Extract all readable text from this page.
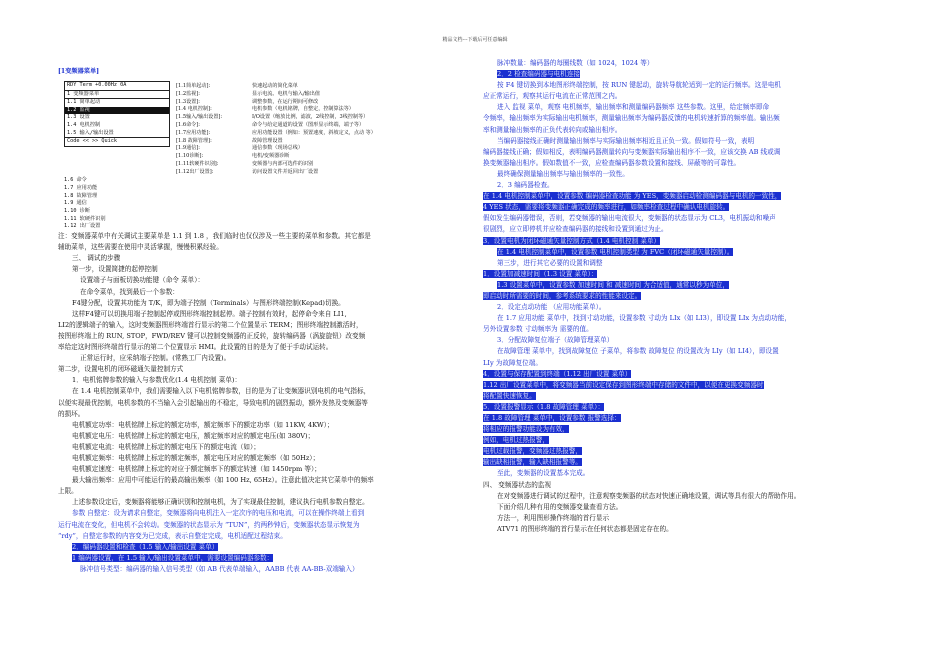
精品文档---下载后可任意编辑

[1变频器菜单]

RDY Term +0.00Hz 0A
1 变频器菜单
1.1 简单起动
1.2 监视
1.3 设置
1.4 电机控制
1.5 输入/输出设置
Code << >> Quick
1.6 命令
1.7 应用功能
1.8 故障管理
1.9 通信
1.10 诊断
1.11 软硬件识别
1.12 出厂设置
[1.1简单起动]:	快速起动的简化菜单
[1.2监视]:	显示电流、电机与输入/输出值
[1.3设置]:	调整参数，在运行期间可修改
[1.4 电机控制]:	电机参数（电机铭牌，自整定，控制算法等）
[1.5输入/输出设置]:	I/O设置（缩放比例，滤波，2线控制，3线控制等）
[1.6命令]:	命令与给定通道的设置（图形显示终端，端子等）
[1.7应用功能]:	应用功能设置（例如：预置速度，斜坡定义，点动 等）
[1.8 故障管理]:	故障管理设置
[1.9通信]:	通信参数（现场总线）
[1.10诊断]:	电机/变频器诊断
[1.11软硬件识别]:	变频器与内部可选件的识别
[1.12出厂设置]:	访问设置文件并返回出厂设置

注：变频器菜单中有关调试主要菜单是 1.1 到 1.8 ，我们临时也仅仅涉及一些主要的菜单和参数。其它都是

辅助菜单，这些需要在使用中灵活掌握，慢慢积累经验。

三、 调试的步骤

第一步，设置简捷的起停控制

设置端子与面板切换功能键（命令 菜单）：

在命令菜单，找到最后一个参数：

F4键分配，设置其功能为 T/K，即为端子控制（Terminals）与图形终端控制(Kepad)切换。

这样F4键可以切换用端子控制起停或图形终端控制起停。端子控制有效时，起停命令来自 LI1,

LI2的逻辑端子的输入，这时变频器图形终端首行显示的第二个位置显示 TERM；图形终端控制激活时，

按图形终端上的 RUN, STOP，FWD/REV 键可以控制变频器的正反转，旋转编码器（涡旋旋钮）改变频

率给定这时图形终端首行显示的第二个位置显示 HMI。此设置的目的是为了便于手动试运转。

正常运行时，应采纳端子控制。(常熟工厂内设置)。

第二步，设置电机的闭环磁通矢量控制方式

1．电机铭牌参数的输入与参数优化(1.4 电机控制 菜单)：

在 1.4 电机控制菜单中，我们需要输入以下电机铭牌参数，目的是为了让变频器识别电机的电气指标，

以便实现最优控制，电机参数的不当输入会引起输出的不稳定，导致电机的剧烈振动，额外发热及变频器等

的损坏。

电机额定功率：电机铭牌上标定的额定功率，额定频率下的额定功率（如 11KW, 4KW）；

电机额定电压：电机铭牌上标定的额定电压，额定频率对应的额定电压(如 380V)；

电机额定电流：电机铭牌上标定的额定电压下的额定电流（如）；

电机额定频率：电机铭牌上标定的额定频率，额定电压对应的额定频率（如 50Hz）；

电机额定速度：电机铭牌上标定的对应于额定频率下的额定转速（如 1450rpm 等）；

最大输出频率：应用中可能运行的最高输出频率（如 100 Hz, 65Hz）。注意此值决定其它菜单中的频率

上限。

上述参数设定后，变频器将能够正确识别和控制电机，为了实现最佳控制，建议执行电机参数自整定。

参数 自整定：设为请求自整定，变频器将向电机注入一定次序的电压和电流，可以在操作终端上看到

运行电流在变化，但电机不会转动。变频器的状态显示为 “TUN”，约两秒钟后，变频器状态显示恢复为

“rdy”，自整定参数的内容变为已完成，表示自整定完成，电机适配过程结束。

2．编码器设置和检查（1.5 输入/输出设置 菜单）

1 编码器设置，在 1.5 输入/输出设置菜单中，需要设置编码器参数：

脉冲信号类型：编码器的输入信号类型（如 AB 代表单端输入，AABB 代表 AA-BB-双端输入）

脉冲数量：编码器的每圈线数（如 1024，1024 等）

2．2 检查编码器与电机连接

按 F4 键切换到本地图形终端控制，按 RUN 键起动，旋转导航轮适到一定的运行频率。这是电机

应正常运行，观察其运行电流在正常范围之内。

进入 监视 菜单，观察 电机频率，输出频率和测量编码器频率 这些参数。这里，给定频率即命

令频率，输出频率为实际输出电机频率，测量输出频率为编码器反馈的电机转速折算的频率值。输出频

率和测量输出频率的正负代表转向或输出相序。

当编码器接线正确时测量输出频率与实际输出频率相近且正负一致。假如符号一致，表明

编码器接线正确；假如相反，表明编码器测量转向与变频器实际输出相序不一致，应该交换 AB 线或调

换变频器输出相序。假如数值不一致，应检查编码器参数设置和接线、屏蔽等的可靠性。

最终确保测量输出频率与输出频率的一致性。

2．3 编码器检查。

在 1.4 电机控制菜单中，设置参数 编码器检查功能 为 YES，变频器启动检测编码器与电机的一致性，

4 YES 状态，需要将变频器正确完成的频率进行，如频率检查过程中确认电机旋转。

假如发生编码器错误，否则，若变频器的输出电流很大，变频器的状态显示为 CL3，电机振动和噪声

很剧烈，应立即停机并应检查编码器的接线和设置到通过为止。

3．设置电机为闭环磁通矢量控制方式（1.4 电机控制 菜单）

在 1.4 电机控制菜单中，设置参数 电机控制类型 为 FVC（闭环磁通矢量控制）。

第三步，进行其它必要的设置和调整

1．设置加减速时间（1.3 设置 菜单）：

1.3 设置菜单中，设置参数 加速时间 和 减速时间 为合适值，通常以秒为单位，

即启动时所需要的时间，参考系统要求的性能来设定。

2．设定点动功能 （应用功能菜单）。

在 1.7 应用功能 菜单中，找到寸动功能，设置参数 寸动为 LIx（如 LI3），即设置 LIx 为点动功能，

另外设置参数 寸动频率为 需要的值。

3．分配故障复位端子（故障管理菜单）

在故障管理 菜单中，找到故障复位 子菜单，将参数 故障复位 的设置改为 LIy（如 LI4），即设置

LIy 为故障复位端。

4．设置与保存配置到终端（1.12 出厂设置 菜单）

1.12 出厂设置菜单中，将变频器当前设定保存到图形终端中存储的文件中，以便在更换变频器时

将配置快速恢复。

5．设置报警显示（1.8 故障管理 菜单）：

在 1.8 故障管理 菜单中，设置参数 报警选择：

将相应的报警功能设为有效，

例如，电机过热报警，

电机过载报警，变频器过热报警，

输出缺相报警，输入缺相报警等。

至此，变频器的设置基本完成。

四、 变频器状态的监视

在对变频器进行调试的过程中，注意观察变频器的状态对快速正确地设置，调试等具有很大的帮助作用。

下面介绍几种有用的变频器变量查看方法。

方法一，利用图形操作终端的首行显示

ATV71 的图形终端的首行显示在任何状态都是固定存在的。
